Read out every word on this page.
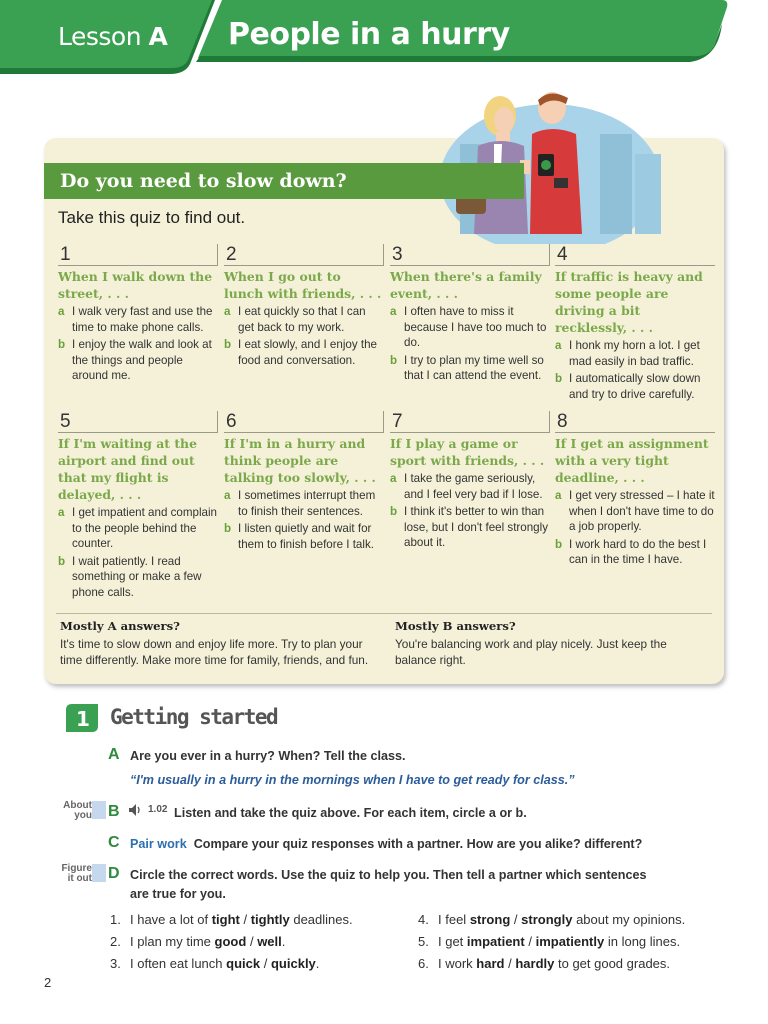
Lesson A People in a hurry
Do you need to slow down?
Take this quiz to find out.
1
When I walk down the street, . . .
a I walk very fast and use the time to make phone calls.
b I enjoy the walk and look at the things and people around me.
2
When I go out to lunch with friends, . . .
a I eat quickly so that I can get back to my work.
b I eat slowly, and I enjoy the food and conversation.
3
When there's a family event, . . .
a I often have to miss it because I have too much to do.
b I try to plan my time well so that I can attend the event.
4
If traffic is heavy and some people are driving a bit recklessly, . . .
a I honk my horn a lot. I get mad easily in bad traffic.
b I automatically slow down and try to drive carefully.
5
If I'm waiting at the airport and find out that my flight is delayed, . . .
a I get impatient and complain to the people behind the counter.
b I wait patiently. I read something or make a few phone calls.
6
If I'm in a hurry and think people are talking too slowly, . . .
a I sometimes interrupt them to finish their sentences.
b I listen quietly and wait for them to finish before I talk.
7
If I play a game or sport with friends, . . .
a I take the game seriously, and I feel very bad if I lose.
b I think it's better to win than lose, but I don't feel strongly about it.
8
If I get an assignment with a very tight deadline, . . .
a I get very stressed – I hate it when I don't have time to do a job properly.
b I work hard to do the best I can in the time I have.
Mostly A answers?
It's time to slow down and enjoy life more. Try to plan your time differently. Make more time for family, friends, and fun.
Mostly B answers?
You're balancing work and play nicely. Just keep the balance right.
1 Getting started
A Are you ever in a hurry? When? Tell the class.
“I'm usually in a hurry in the mornings when I have to get ready for class.”
About
you B	1.02 Listen and take the quiz above. For each item, circle a or b.
C Pair work Compare your quiz responses with a partner. How are you alike? different?
Figure
it out D Circle the correct words. Use the quiz to help you. Then tell a partner which sentences
are true for you.
1. I have a lot of tight / tightly deadlines.
2. I plan my time good / well.
3. I often eat lunch quick / quickly.
4. I feel strong / strongly about my opinions.
5. I get impatient / impatiently in long lines.
6. I work hard / hardly to get good grades.
2
